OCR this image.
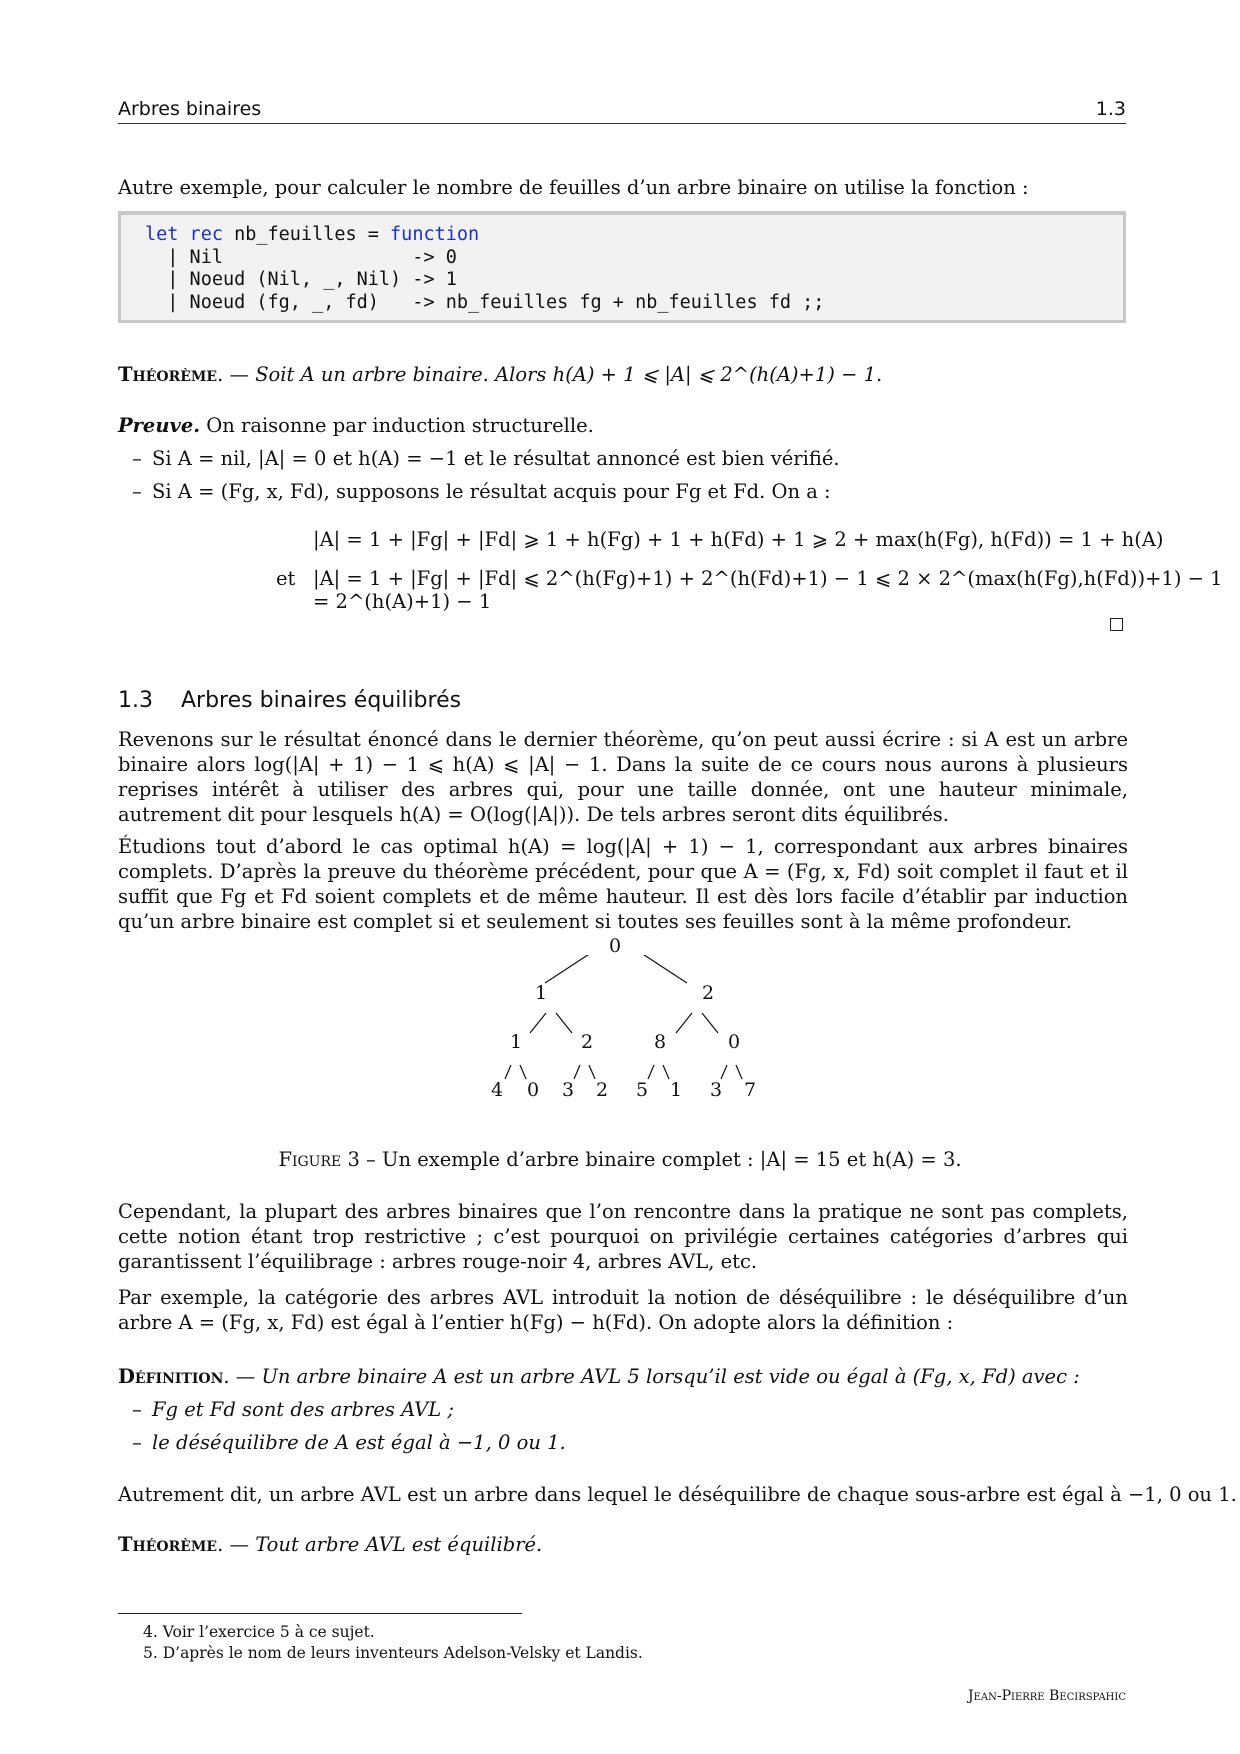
Arbres binaires	1.3
Autre exemple, pour calculer le nombre de feuilles d’un arbre binaire on utilise la fonction :
let rec nb_feuilles = function
| Nil                 -> 0
| Noeud (Nil, _, Nil) -> 1
| Noeud (fg, _, fd)   -> nb_feuilles fg + nb_feuilles fd ;;
Théorème. — Soit A un arbre binaire. Alors h(A) + 1 ⩽ |A| ⩽ 2^(h(A)+1) − 1.
Preuve. On raisonne par induction structurelle.
– Si A = nil, |A| = 0 et h(A) = −1 et le résultat annoncé est bien vérifié.
– Si A = (Fg, x, Fd), supposons le résultat acquis pour Fg et Fd. On a :
|A| = 1 + |Fg| + |Fd| ⩾ 1 + h(Fg) + 1 + h(Fd) + 1 ⩾ 2 + max(h(Fg), h(Fd)) = 1 + h(A)
et |A| = 1 + |Fg| + |Fd| ⩽ 2^(h(Fg)+1) + 2^(h(Fd)+1) − 1 ⩽ 2 × 2^(max(h(Fg),h(Fd))+1) − 1 = 2^(h(A)+1) − 1
1.3 Arbres binaires équilibrés
Revenons sur le résultat énoncé dans le dernier théorème, qu’on peut aussi écrire : si A est un arbre binaire alors log(|A| + 1) − 1 ⩽ h(A) ⩽ |A| − 1. Dans la suite de ce cours nous aurons à plusieurs reprises intérêt à utiliser des arbres qui, pour une taille donnée, ont une hauteur minimale, autrement dit pour lesquels h(A) = O(log(|A|)). De tels arbres seront dits équilibrés.
Étudions tout d’abord le cas optimal h(A) = log(|A| + 1) − 1, correspondant aux arbres binaires complets. D’après la preuve du théorème précédent, pour que A = (Fg, x, Fd) soit complet il faut et il suffit que Fg et Fd soient complets et de même hauteur. Il est dès lors facile d’établir par induction qu’un arbre binaire est complet si et seulement si toutes ses feuilles sont à la même profondeur.
0
1	2
1	2	8	0
4 0 3 2 5 1 3 7
Figure 3 – Un exemple d’arbre binaire complet : |A| = 15 et h(A) = 3.
Cependant, la plupart des arbres binaires que l’on rencontre dans la pratique ne sont pas complets, cette notion étant trop restrictive ; c’est pourquoi on privilégie certaines catégories d’arbres qui garantissent l’équilibrage : arbres rouge-noir 4, arbres AVL, etc.
Par exemple, la catégorie des arbres AVL introduit la notion de déséquilibre : le déséquilibre d’un arbre A = (Fg, x, Fd) est égal à l’entier h(Fg) − h(Fd). On adopte alors la définition :
Définition. — Un arbre binaire A est un arbre AVL 5 lorsqu’il est vide ou égal à (Fg, x, Fd) avec :
– Fg et Fd sont des arbres AVL ;
– le déséquilibre de A est égal à −1, 0 ou 1.
Autrement dit, un arbre AVL est un arbre dans lequel le déséquilibre de chaque sous-arbre est égal à −1, 0 ou 1.
Théorème. — Tout arbre AVL est équilibré.
4. Voir l’exercice 5 à ce sujet.
5. D’après le nom de leurs inventeurs Adelson-Velsky et Landis.
Jean-Pierre Becirspahic
